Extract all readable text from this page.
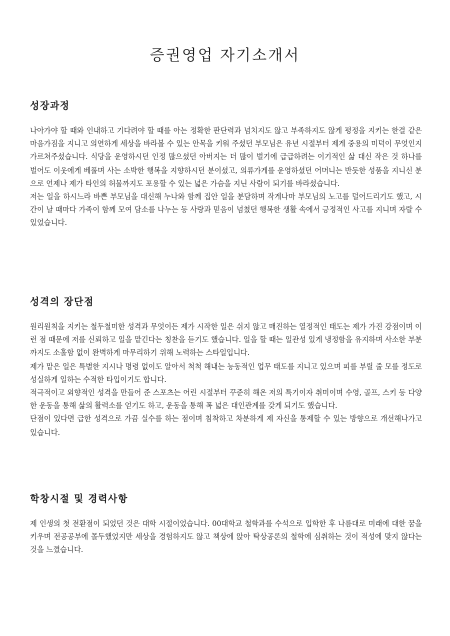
증권영업 자기소개서
성장과정

나아가야 할 때와 인내하고 기다려야 할 때를 아는 정확한 판단력과 넘치지도 않고 부족하지도 않게 평정을 지키는 한결 같은 마음가짐을 지니고 의연하게 세상을 바라볼 수 있는 안목을 키워 주셨던 부모님은 유년 시절부터 제게 중용의 미덕이 무엇인지 가르쳐주셨습니다. 식당을 운영하시던 인정 많으셨던 아버지는 더 많이 벌기에 급급하려는 이기적인 삶 대신 작은 것 하나를 벌어도 이웃에게 베풀며 사는 소박한 행복을 지향하시던 분이셨고, 의류가게를 운영하셨던 어머니는 반듯한 성품을 지니신 분으로 언제나 제가 타인의 허물까지도 포용할 수 있는 넓은 가슴을 지닌 사람이 되기를 바라셨습니다.

저는 일을 하시느라 바쁜 부모님을 대신해 누나와 함께 집안 일을 분담하며 작게나마 부모님의 노고를 덜어드리기도 했고, 시간이 날 때마다 가족이 함께 모여 담소를 나누는 등 사랑과 믿음이 넘쳤던 행복한 생활 속에서 긍정적인 사고를 지니며 자랄 수 있었습니다.

성격의 장단점

원리원칙을 지키는 철두철미한 성격과 무엇이든 제가 시작한 일은 쉬지 않고 매진하는 열정적인 태도는 제가 가진 강점이며 이런 점 때문에 저를 신뢰하고 일을 맡긴다는 칭찬을 듣기도 했습니다. 일을 할 때는 일관성 있게 냉정함을 유지하며 사소한 부분까지도 소홀함 없이 완벽하게 마무리하기 위해 노력하는 스타일입니다.

제가 맡은 일은 특별한 지시나 명령 없이도 알아서 척척 해내는 능동적인 업무 태도를 지니고 있으며 피를 부릴 줄 모를 정도로 성실하게 일하는 수적한 타입이기도 합니다.

적극적이고 외향적인 성격을 만들어 준 스포츠는 어린 시절부터 꾸준히 해온 저의 특기이자 취미이며 수영, 골프, 스키 등 다양한 운동을 통해 삶의 활력소를 얻기도 하고, 운동을 통해 폭 넓은 대인관계를 갖게 되기도 했습니다.

단점이 있다면 급한 성격으로 가끔 실수를 하는 점이며 침착하고 차분하게 제 자신을 통제할 수 있는 방향으로 개선해나가고 있습니다.

학창시절 및 경력사항

제 인생의 첫 전환점이 되었던 것은 대학 시절이었습니다. 00대학교 철학과를 수석으로 입학한 후 나름대로 미래에 대한 꿈을 키우며 전공공부에 몰두했었지만 세상을 경험하지도 않고 책상에 앉아 탁상공론의 철학에 심취하는 것이 적성에 맞지 않다는 것을 느꼈습니다.
